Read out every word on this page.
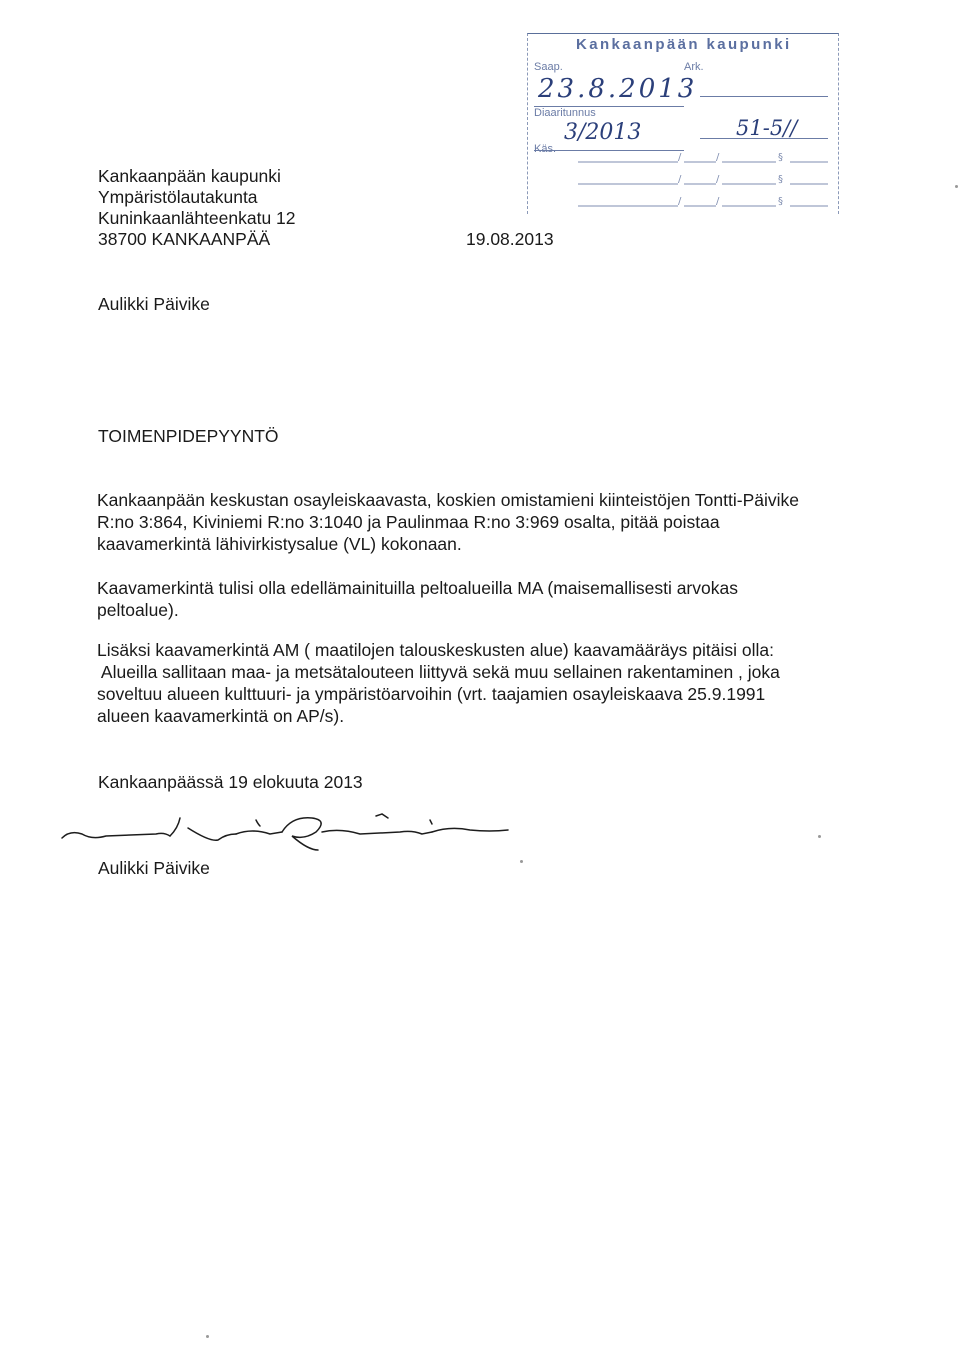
Kankaanpään kaupunki
Saap.	Ark.
23.8.2013
Diaaritunnus
3/2013	51-5//
Käs.
/	/	§
/	/	§
/	/	§
Kankaanpään kaupunki
Ympäristölautakunta
Kuninkaanlähteenkatu 12
38700 KANKAANPÄÄ	19.08.2013
Aulikki Päivike
TOIMENPIDEPYYNTÖ
Kankaanpään keskustan osayleiskaavasta, koskien omistamieni kiinteistöjen Tontti-Päivike
R:no 3:864, Kiviniemi R:no 3:1040 ja Paulinmaa R:no 3:969 osalta, pitää poistaa
kaavamerkintä lähivirkistysalue (VL) kokonaan.
Kaavamerkintä tulisi olla edellämainituilla peltoalueilla MA (maisemallisesti arvokas
peltoalue).
Lisäksi kaavamerkintä AM ( maatilojen talouskeskusten alue) kaavamääräys pitäisi olla:
Alueilla sallitaan maa- ja metsätalouteen liittyvä sekä muu sellainen rakentaminen , joka
soveltuu alueen kulttuuri- ja ympäristöarvoihin (vrt. taajamien osayleiskaava 25.9.1991
alueen kaavamerkintä on AP/s).
Kankaanpäässä 19 elokuuta 2013
Aulikki Päivike
